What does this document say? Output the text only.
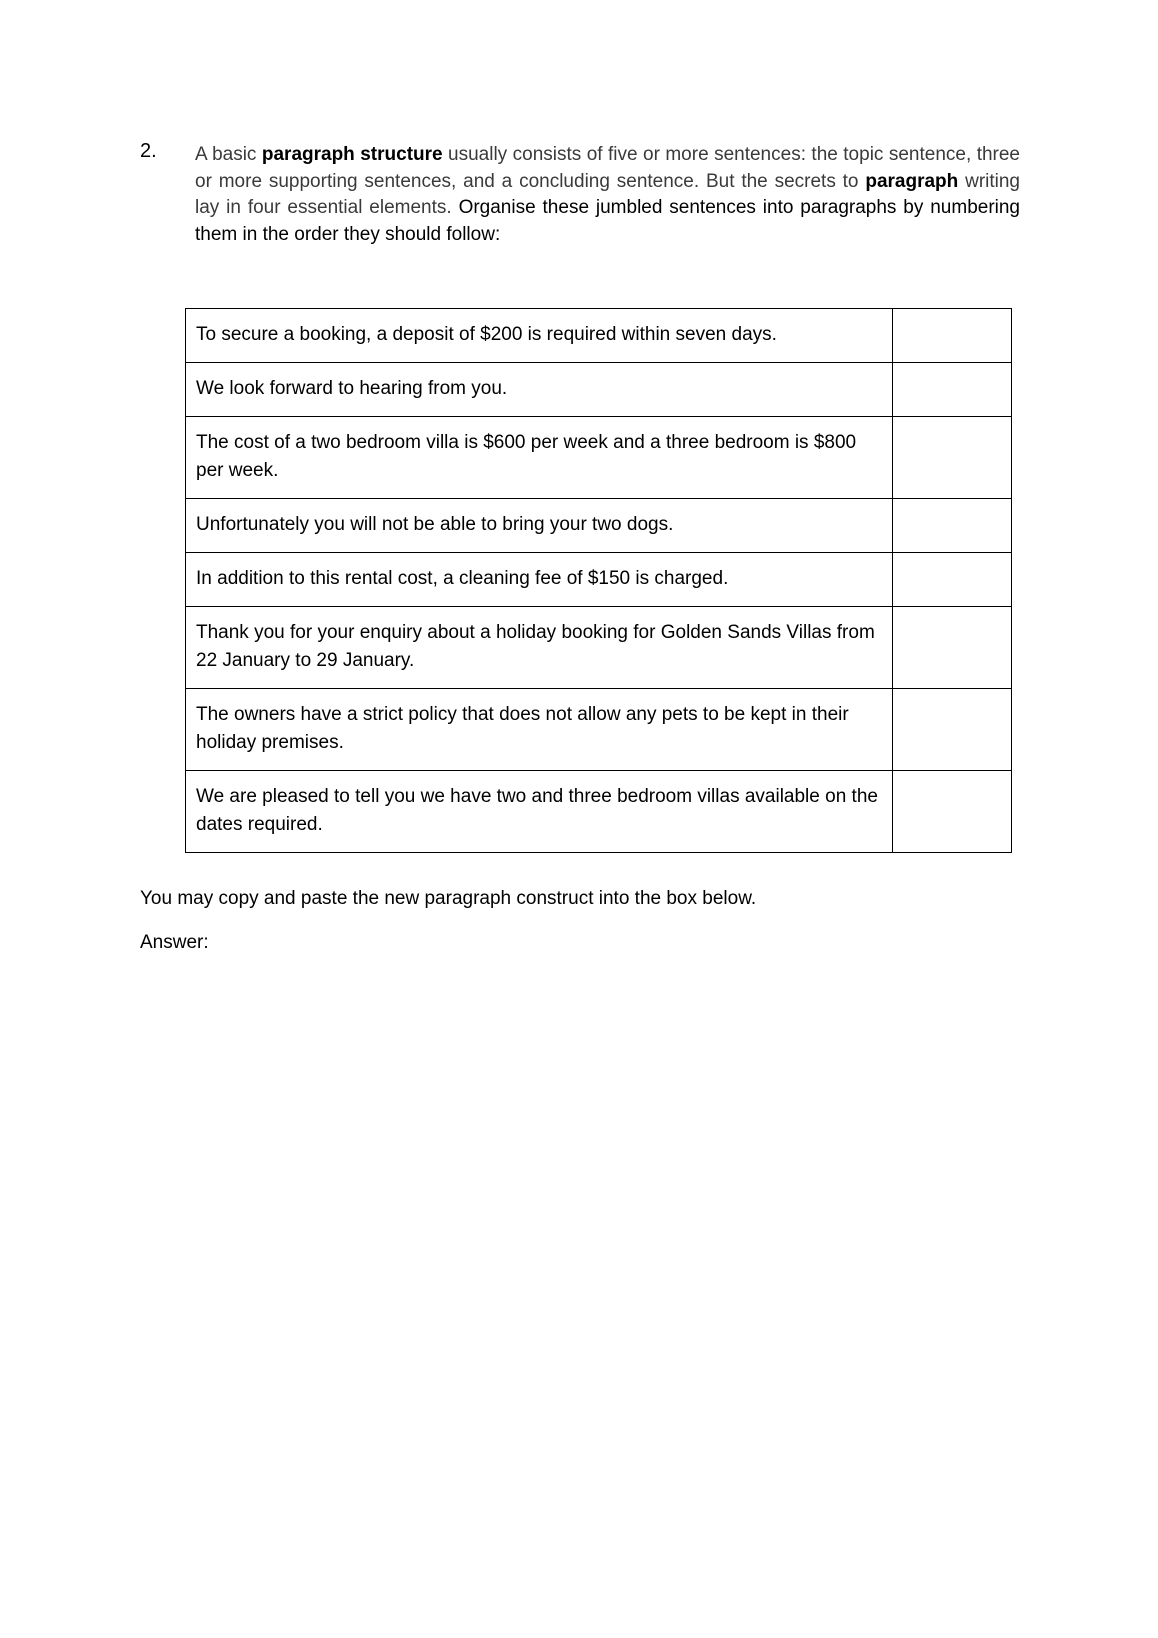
2. A basic paragraph structure usually consists of five or more sentences: the topic sentence, three or more supporting sentences, and a concluding sentence. But the secrets to paragraph writing lay in four essential elements. Organise these jumbled sentences into paragraphs by numbering them in the order they should follow:
To secure a booking, a deposit of $200 is required within seven days.	
We look forward to hearing from you.	
The cost of a two bedroom villa is $600 per week and a three bedroom is $800 per week.	
Unfortunately you will not be able to bring your two dogs.	
In addition to this rental cost, a cleaning fee of $150 is charged.	
Thank you for your enquiry about a holiday booking for Golden Sands Villas from 22 January to 29 January.	
The owners have a strict policy that does not allow any pets to be kept in their holiday premises.	
We are pleased to tell you we have two and three bedroom villas available on the dates required.	
You may copy and paste the new paragraph construct into the box below.
Answer:
